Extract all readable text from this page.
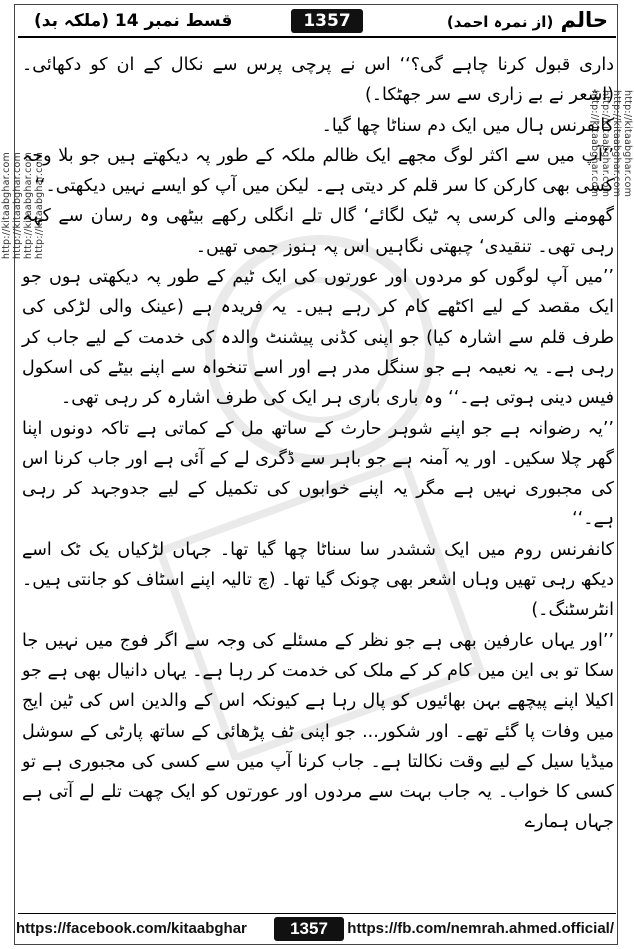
قسط نمبر 14 (ملکہ بد)	1357	حالم (از نمرہ احمد)
http://kitaabghar.com http://kitaabghar.com http://kitaabghar.com http://kitaabghar.com
http://kitaabghar.com
http://kitaabghar.com
http://kitaabghar.com
http://kitaabghar.com

داری قبول کرنا چاہے گی؟‘‘ اس نے پرچی پرس سے نکال کے ان کو دکھائی۔ (اشعر نے بے زاری سے سر جھٹکا۔)

کانفرنس ہال میں ایک دم سناٹا چھا گیا۔

’’آپ میں سے اکثر لوگ مجھے ایک ظالم ملکہ کے طور پہ دیکھتے ہیں جو بلا وجہ کسی بھی کارکن کا سر قلم کر دیتی ہے۔ لیکن میں آپ کو ایسے نہیں دیکھتی۔‘‘

گھومنے والی کرسی پہ ٹیک لگائے‘ گال تلے انگلی رکھے بیٹھی وہ رسان سے کہہ رہی تھی۔ تنقیدی‘ چبھتی نگاہیں اس پہ ہنوز جمی تھیں۔

’’میں آپ لوگوں کو مردوں اور عورتوں کی ایک ٹیم کے طور پہ دیکھتی ہوں جو ایک مقصد کے لیے اکٹھے کام کر رہے ہیں۔ یہ فریدہ ہے (عینک والی لڑکی کی طرف قلم سے اشارہ کیا) جو اپنی کڈنی پیشنٹ والدہ کی خدمت کے لیے جاب کر رہی ہے۔ یہ نعیمہ ہے جو سنگل مدر ہے اور اسے تنخواہ سے اپنے بیٹے کی اسکول فیس دینی ہوتی ہے۔‘‘ وہ باری باری ہر ایک کی طرف اشارہ کر رہی تھی۔

’’یہ رضوانہ ہے جو اپنے شوہر حارث کے ساتھ مل کے کماتی ہے تاکہ دونوں اپنا گھر چلا سکیں۔ اور یہ آمنہ ہے جو باہر سے ڈگری لے کے آئی ہے اور جاب کرنا اس کی مجبوری نہیں ہے مگر یہ اپنے خوابوں کی تکمیل کے لیے جدوجہد کر رہی ہے۔‘‘

کانفرنس روم میں ایک ششدر سا سناٹا چھا گیا تھا۔ جہاں لڑکیاں یک ٹک اسے دیکھ رہی تھیں وہاں اشعر بھی چونک گیا تھا۔ (چ تالیہ اپنے اسٹاف کو جانتی ہیں۔ انٹرسٹنگ۔)

’’اور یہاں عارفین بھی ہے جو نظر کے مسئلے کی وجہ سے اگر فوج میں نہیں جا سکا تو بی این میں کام کر کے ملک کی خدمت کر رہا ہے۔ یہاں دانیال بھی ہے جو اکیلا اپنے پیچھے بہن بھائیوں کو پال رہا ہے کیونکہ اس کے والدین اس کی ٹین ایج میں وفات پا گئے تھے۔ اور شکور... جو اپنی ٹف پڑھائی کے ساتھ پارٹی کے سوشل میڈیا سیل کے لیے وقت نکالتا ہے۔ جاب کرنا آپ میں سے کسی کی مجبوری ہے تو کسی کا خواب۔ یہ جاب بہت سے مردوں اور عورتوں کو ایک چھت تلے لے آتی ہے جہاں ہمارے

https://facebook.com/kitaabghar	1357	https://fb.com/nemrah.ahmed.official/
